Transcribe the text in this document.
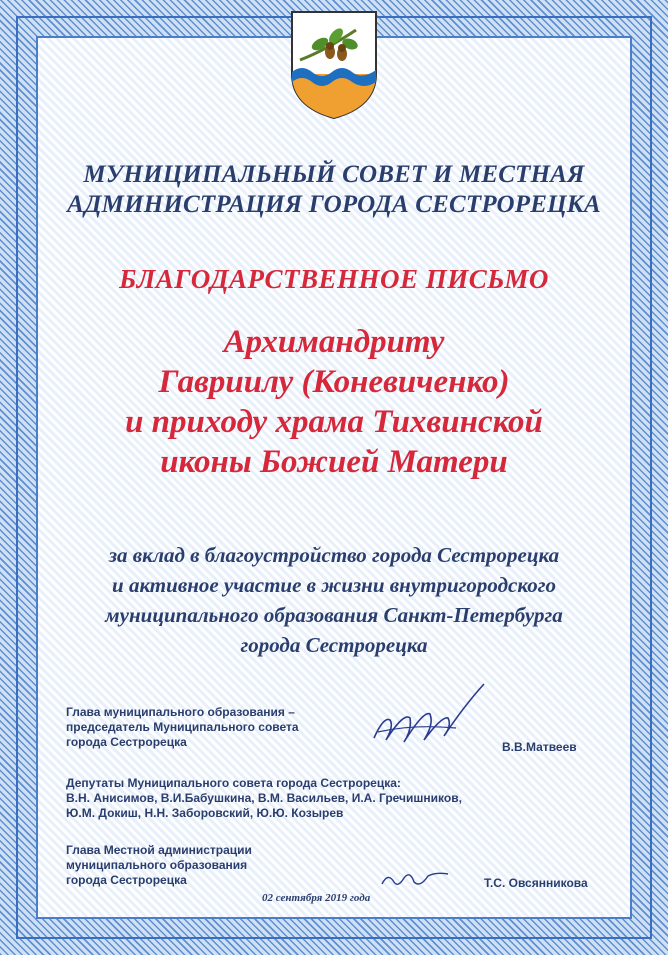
МУНИЦИПАЛЬНЫЙ СОВЕТ И МЕСТНАЯ
АДМИНИСТРАЦИЯ ГОРОДА СЕСТРОРЕЦКА
БЛАГОДАРСТВЕННОЕ ПИСЬМО
Архимандриту
Гавриилу (Коневиченко)
и приходу храма Тихвинской
иконы Божией Матери
за вклад в благоустройство города Сестрорецка
и активное участие в жизни внутригородского
муниципального образования Санкт-Петербурга
города Сестрорецка
Глава муниципального образования –
председатель Муниципального совета
города Сестрорецка	В.В.Матвеев
Депутаты Муниципального совета города Сестрорецка:
В.Н. Анисимов, В.И.Бабушкина, В.М. Васильев, И.А. Гречишников,
Ю.М. Докиш, Н.Н. Заборовский, Ю.Ю. Козырев
Глава Местной администрации
муниципального образования
города Сестрорецка	Т.С. Овсянникова
02 сентября 2019 года
